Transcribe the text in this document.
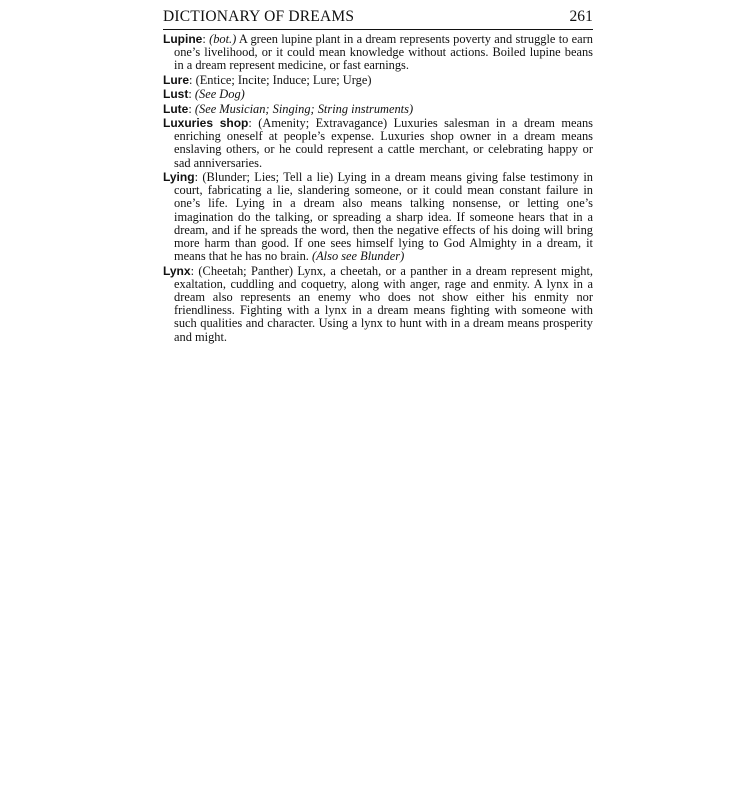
DICTIONARY OF DREAMS	261

Lupine: (bot.) A green lupine plant in a dream represents poverty and struggle to earn one’s livelihood, or it could mean knowledge without actions. Boiled lupine beans in a dream represent medicine, or fast earnings.

Lure: (Entice; Incite; Induce; Lure; Urge)

Lust: (See Dog)

Lute: (See Musician; Singing; String instruments)

Luxuries shop: (Amenity; Extravagance) Luxuries salesman in a dream means enriching oneself at people’s expense. Luxuries shop owner in a dream means enslaving others, or he could represent a cattle merchant, or celebrating happy or sad anniversaries.

Lying: (Blunder; Lies; Tell a lie) Lying in a dream means giving false testimony in court, fabricating a lie, slandering someone, or it could mean constant failure in one’s life. Lying in a dream also means talking nonsense, or letting one’s imagination do the talking, or spreading a sharp idea. If someone hears that in a dream, and if he spreads the word, then the negative effects of his doing will bring more harm than good. If one sees himself lying to God Almighty in a dream, it means that he has no brain. (Also see Blunder)

Lynx: (Cheetah; Panther) Lynx, a cheetah, or a panther in a dream represent might, exaltation, cuddling and coquetry, along with anger, rage and enmity. A lynx in a dream also represents an enemy who does not show either his enmity nor friendliness. Fighting with a lynx in a dream means fighting with someone with such qualities and character. Using a lynx to hunt with in a dream means prosperity and might.
